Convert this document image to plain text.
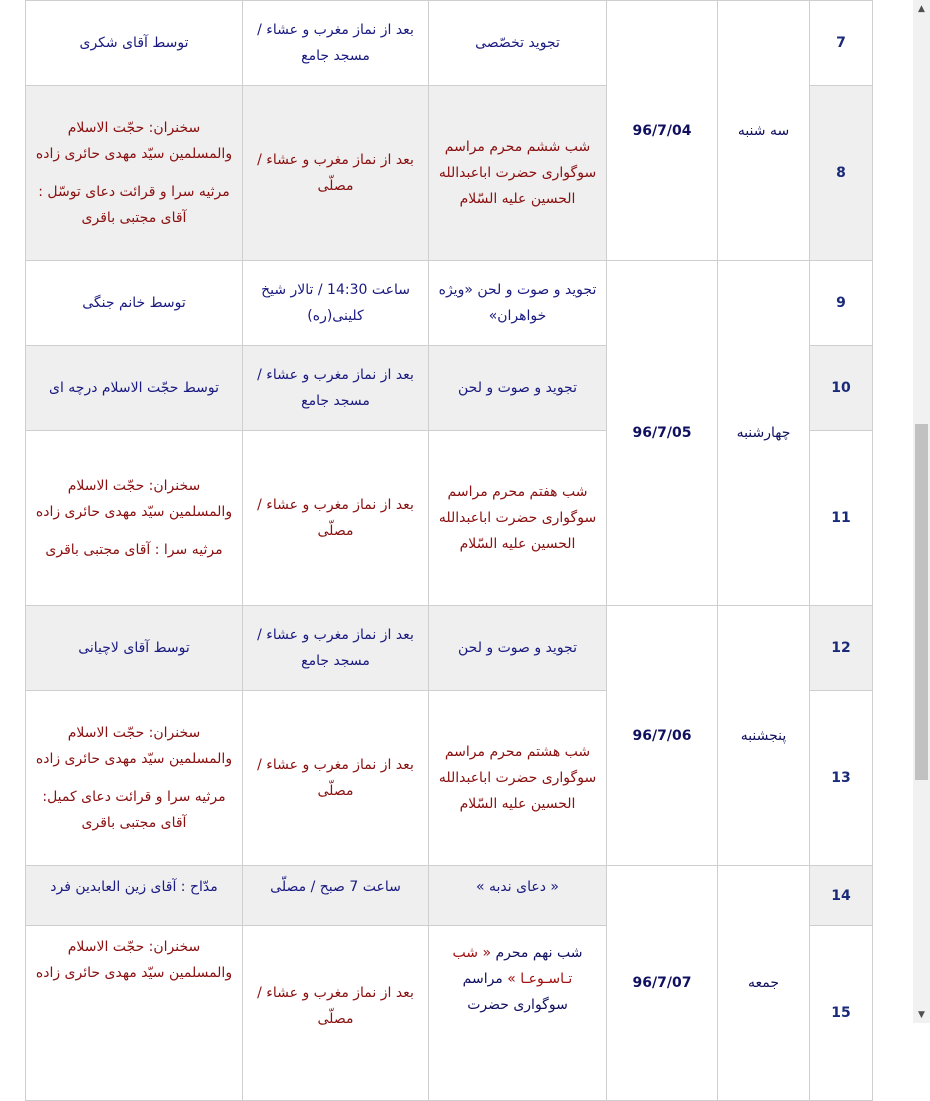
7	سه شنبه	96/7/04	تجوید تخصّصی	بعد از نماز مغرب و عشاء / مسجد جامع	توسط آقای شکری
8			شب ششم محرم مراسم سوگواری حضرت اباعبدالله الحسین علیه السّلام	بعد از نماز مغرب و عشاء / مصلّی	سخنران: حجّت الاسلام والمسلمین سیّد مهدی حائری زاده
مرثیه سرا و قرائت دعای توسّل : آقای مجتبی باقری

9	چهارشنبه	96/7/05	تجوید و صوت و لحن «ویژه خواهران»	ساعت 14:30 / تالار شیخ کلینی(ره)	توسط خانم جنگی
10			تجوید و صوت و لحن	بعد از نماز مغرب و عشاء / مسجد جامع	توسط حجّت الاسلام درچه ای
11			شب هفتم محرم مراسم سوگواری حضرت اباعبدالله الحسین علیه السّلام	بعد از نماز مغرب و عشاء / مصلّی	سخنران: حجّت الاسلام والمسلمین سیّد مهدی حائری زاده
مرثیه سرا : آقای مجتبی باقری

12	پنجشنبه	96/7/06	تجوید و صوت و لحن	بعد از نماز مغرب و عشاء / مسجد جامع	توسط آقای لاچیانی
13			شب هشتم محرم مراسم سوگواری حضرت اباعبدالله الحسین علیه السّلام	بعد از نماز مغرب و عشاء / مصلّی	سخنران: حجّت الاسلام والمسلمین سیّد مهدی حائری زاده
مرثیه سرا و قرائت دعای کمیل: آقای مجتبی باقری

14	جمعه	96/7/07	« دعای ندبه »	ساعت 7 صبح / مصلّی	مدّاح : آقای زین العابدین فرد
15			شب نهم محرم « شب تـاسـوعـا » مراسم سوگواری حضرت	بعد از نماز مغرب و عشاء / مصلّی	سخنران: حجّت الاسلام والمسلمین سیّد مهدی حائری زاده
▲
▼
